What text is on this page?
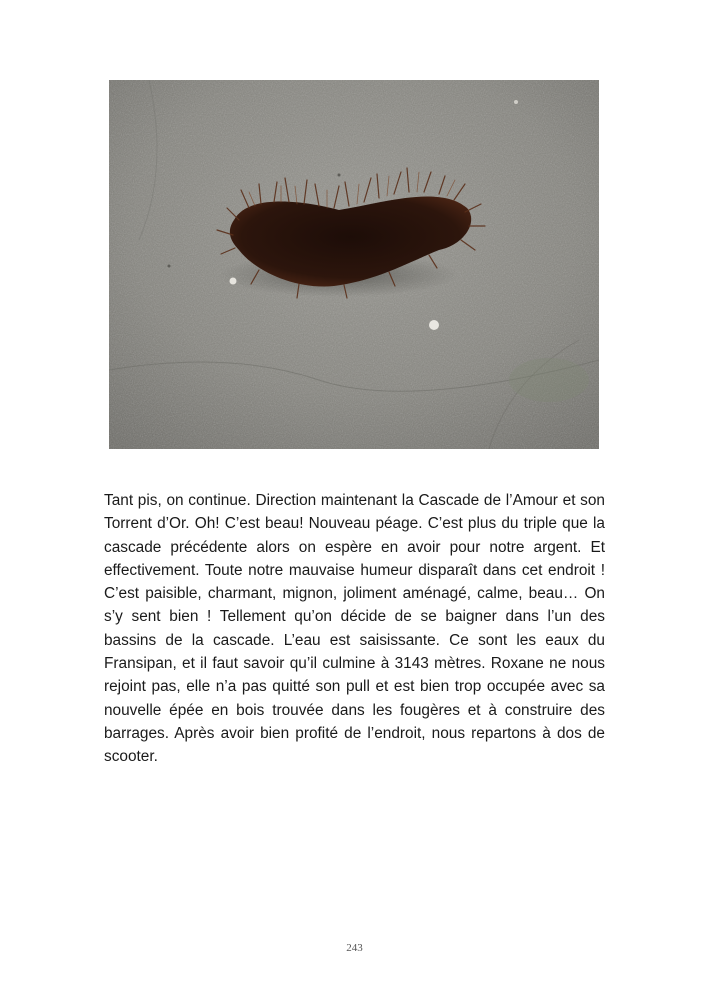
Tant pis, on continue. Direction maintenant la Cascade de l’Amour et son Torrent d’Or. Oh! C’est beau! Nouveau péage. C’est plus du triple que la cascade précédente alors on espère en avoir pour notre argent. Et effectivement. Toute notre mauvaise humeur disparaît dans cet endroit ! C’est paisible, charmant, mignon, joliment aménagé, calme, beau… On s’y sent bien ! Tellement qu’on décide de se baigner dans l’un des bassins de la cascade. L’eau est saisissante. Ce sont les eaux du Fransipan, et il faut savoir qu’il culmine à 3143 mètres. Roxane ne nous rejoint pas, elle n’a pas quitté son pull et est bien trop occupée avec sa nouvelle épée en bois trouvée dans les fougères et à construire des barrages. Après avoir bien profité de l’endroit, nous repartons à dos de scooter.

243
